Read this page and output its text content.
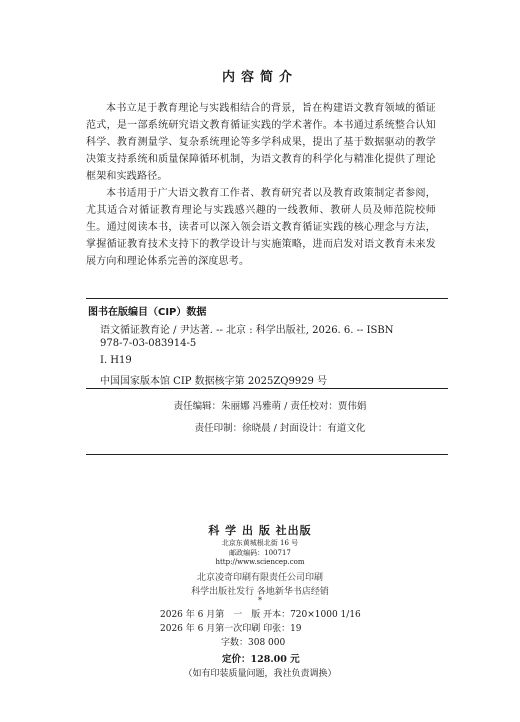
内容简介

本书立足于教育理论与实践相结合的背景，旨在构建语文教育领域的循证范式，是一部系统研究语文教育循证实践的学术著作。本书通过系统整合认知科学、教育测量学、复杂系统理论等多学科成果，提出了基于数据驱动的教学决策支持系统和质量保障循环机制，为语文教育的科学化与精准化提供了理论框架和实践路径。

本书适用于广大语文教育工作者、教育研究者以及教育政策制定者参阅，尤其适合对循证教育理论与实践感兴趣的一线教师、教研人员及师范院校师生。通过阅读本书，读者可以深入领会语文教育循证实践的核心理念与方法，掌握循证教育技术支持下的教学设计与实施策略，进而启发对语文教育未来发展方向和理论体系完善的深度思考。

图书在版编目（CIP）数据
语文循证教育论 / 尹达著. -- 北京 : 科学出版社, 2026. 6. -- ISBN
978-7-03-083914-5
Ⅰ. H19
中国国家版本馆 CIP 数据核字第 2025ZQ9929 号
责任编辑：朱丽娜 冯雅萌 / 责任校对：贾伟娟
责任印制：徐晓晨 / 封面设计：有道文化
科 学 出 版 社出版
北京东黄城根北街 16 号
邮政编码：100717
http://www.sciencep.com
北京凌奇印刷有限责任公司印刷
科学出版社发行 各地新华书店经销
*
2026 年 6 月第　一　版 开本：720×1000 1/16
2026 年 6 月第一次印刷 印张：19
字数：308 000
定价：128.00 元
（如有印装质量问题，我社负责调换）
